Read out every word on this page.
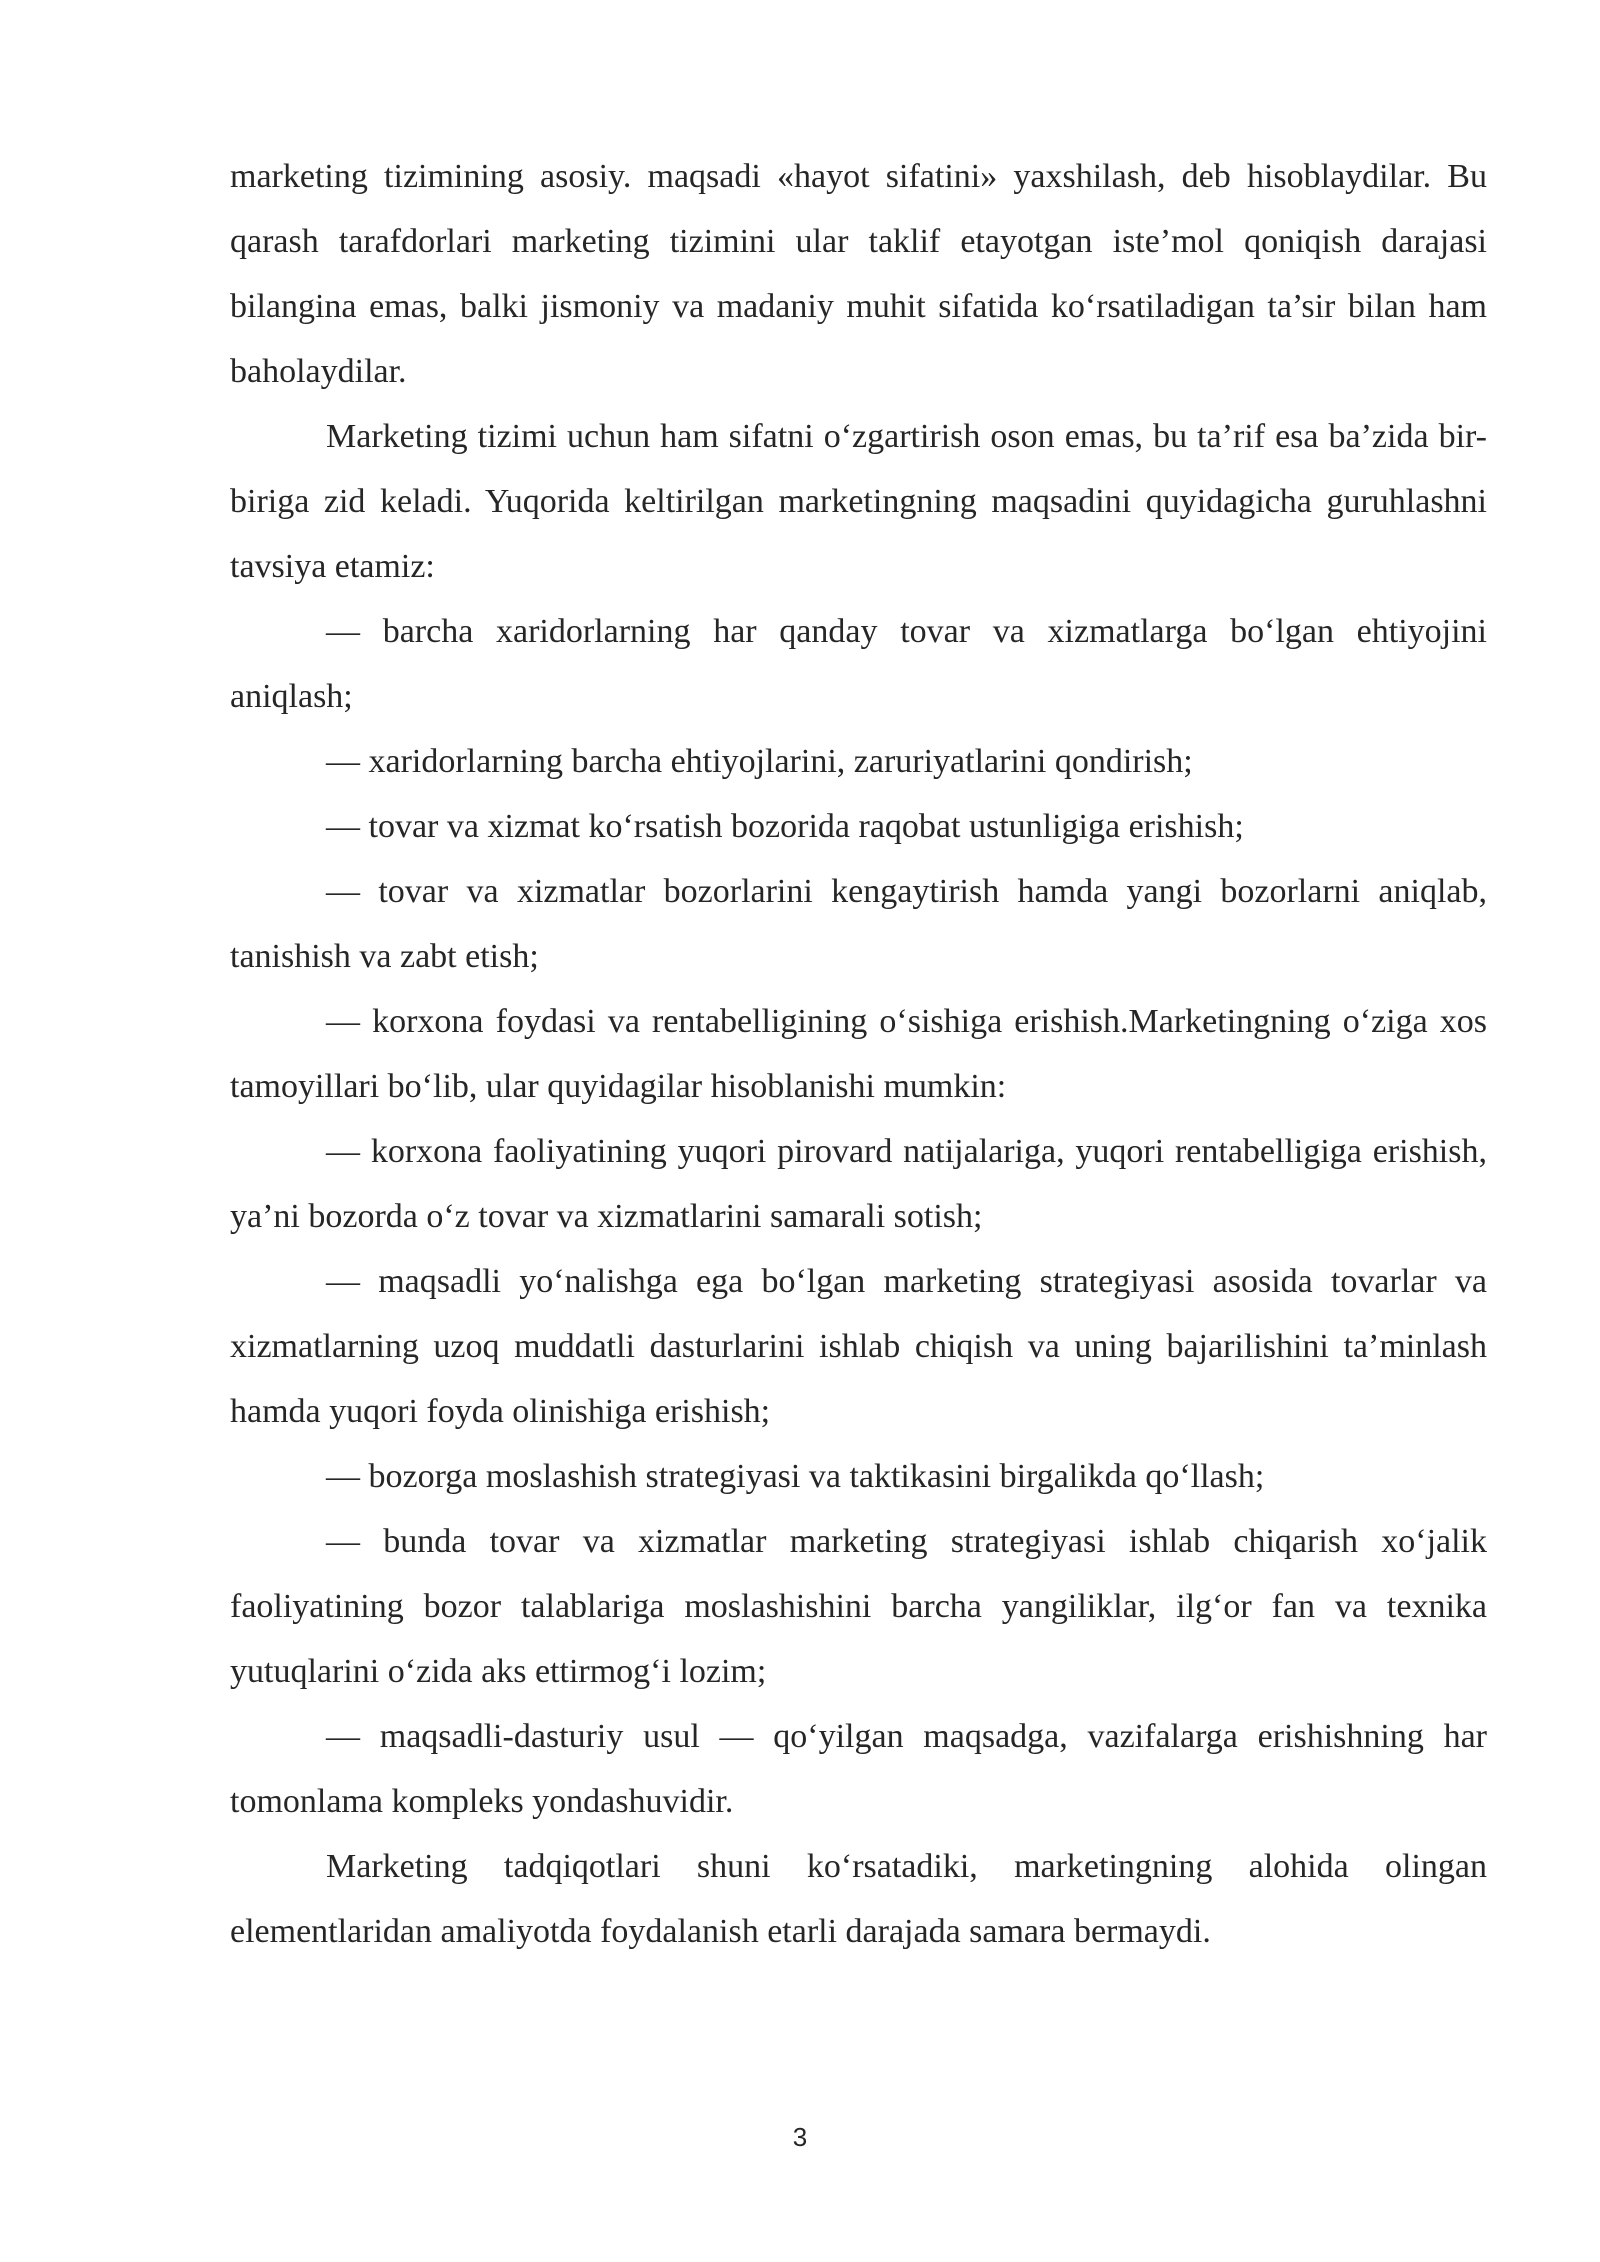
marketing tizimining asosiy. maqsadi «hayot sifatini» yaxshilash, deb hisoblaydilar. Bu qarash tarafdorlari marketing tizimini ular taklif etayotgan iste’mol qoniqish darajasi bilangina emas, balki jismoniy va madaniy muhit sifatida ko‘rsatiladigan ta’sir bilan ham baholaydilar.

Marketing tizimi uchun ham sifatni o‘zgartirish oson emas, bu ta’rif esa ba’zida bir-biriga zid keladi. Yuqorida keltirilgan marketingning maqsadini quyidagicha guruhlashni tavsiya etamiz:

— barcha xaridorlarning har qanday tovar va xizmatlarga bo‘lgan ehtiyojini aniqlash;

— xaridorlarning barcha ehtiyojlarini, zaruriyatlarini qondirish;

— tovar va xizmat ko‘rsatish bozorida raqobat ustunligiga erishish;

— tovar va xizmatlar bozorlarini kengaytirish hamda yangi bozorlarni aniqlab, tanishish va zabt etish;

— korxona foydasi va rentabelligining o‘sishiga erishish.Marketingning o‘ziga xos tamoyillari bo‘lib, ular quyidagilar hisoblanishi mumkin:

— korxona faoliyatining yuqori pirovard natijalariga, yuqori rentabelligiga erishish, ya’ni bozorda o‘z tovar va xizmatlarini samarali sotish;

— maqsadli yo‘nalishga ega bo‘lgan marketing strategiyasi asosida tovarlar va xizmatlarning uzoq muddatli dasturlarini ishlab chiqish va uning bajarilishini ta’minlash hamda yuqori foyda olinishiga erishish;

— bozorga moslashish strategiyasi va taktikasini birgalikda qo‘llash;

— bunda tovar va xizmatlar marketing strategiyasi ishlab chiqarish xo‘jalik faoliyatining bozor talablariga moslashishini barcha yangiliklar, ilg‘or fan va texnika yutuqlarini o‘zida aks ettirmog‘i lozim;

— maqsadli-dasturiy usul — qo‘yilgan maqsadga, vazifalarga erishishning har tomonlama kompleks yondashuvidir.

Marketing tadqiqotlari shuni ko‘rsatadiki, marketingning alohida olingan elementlaridan amaliyotda foydalanish etarli darajada samara bermaydi.

3
